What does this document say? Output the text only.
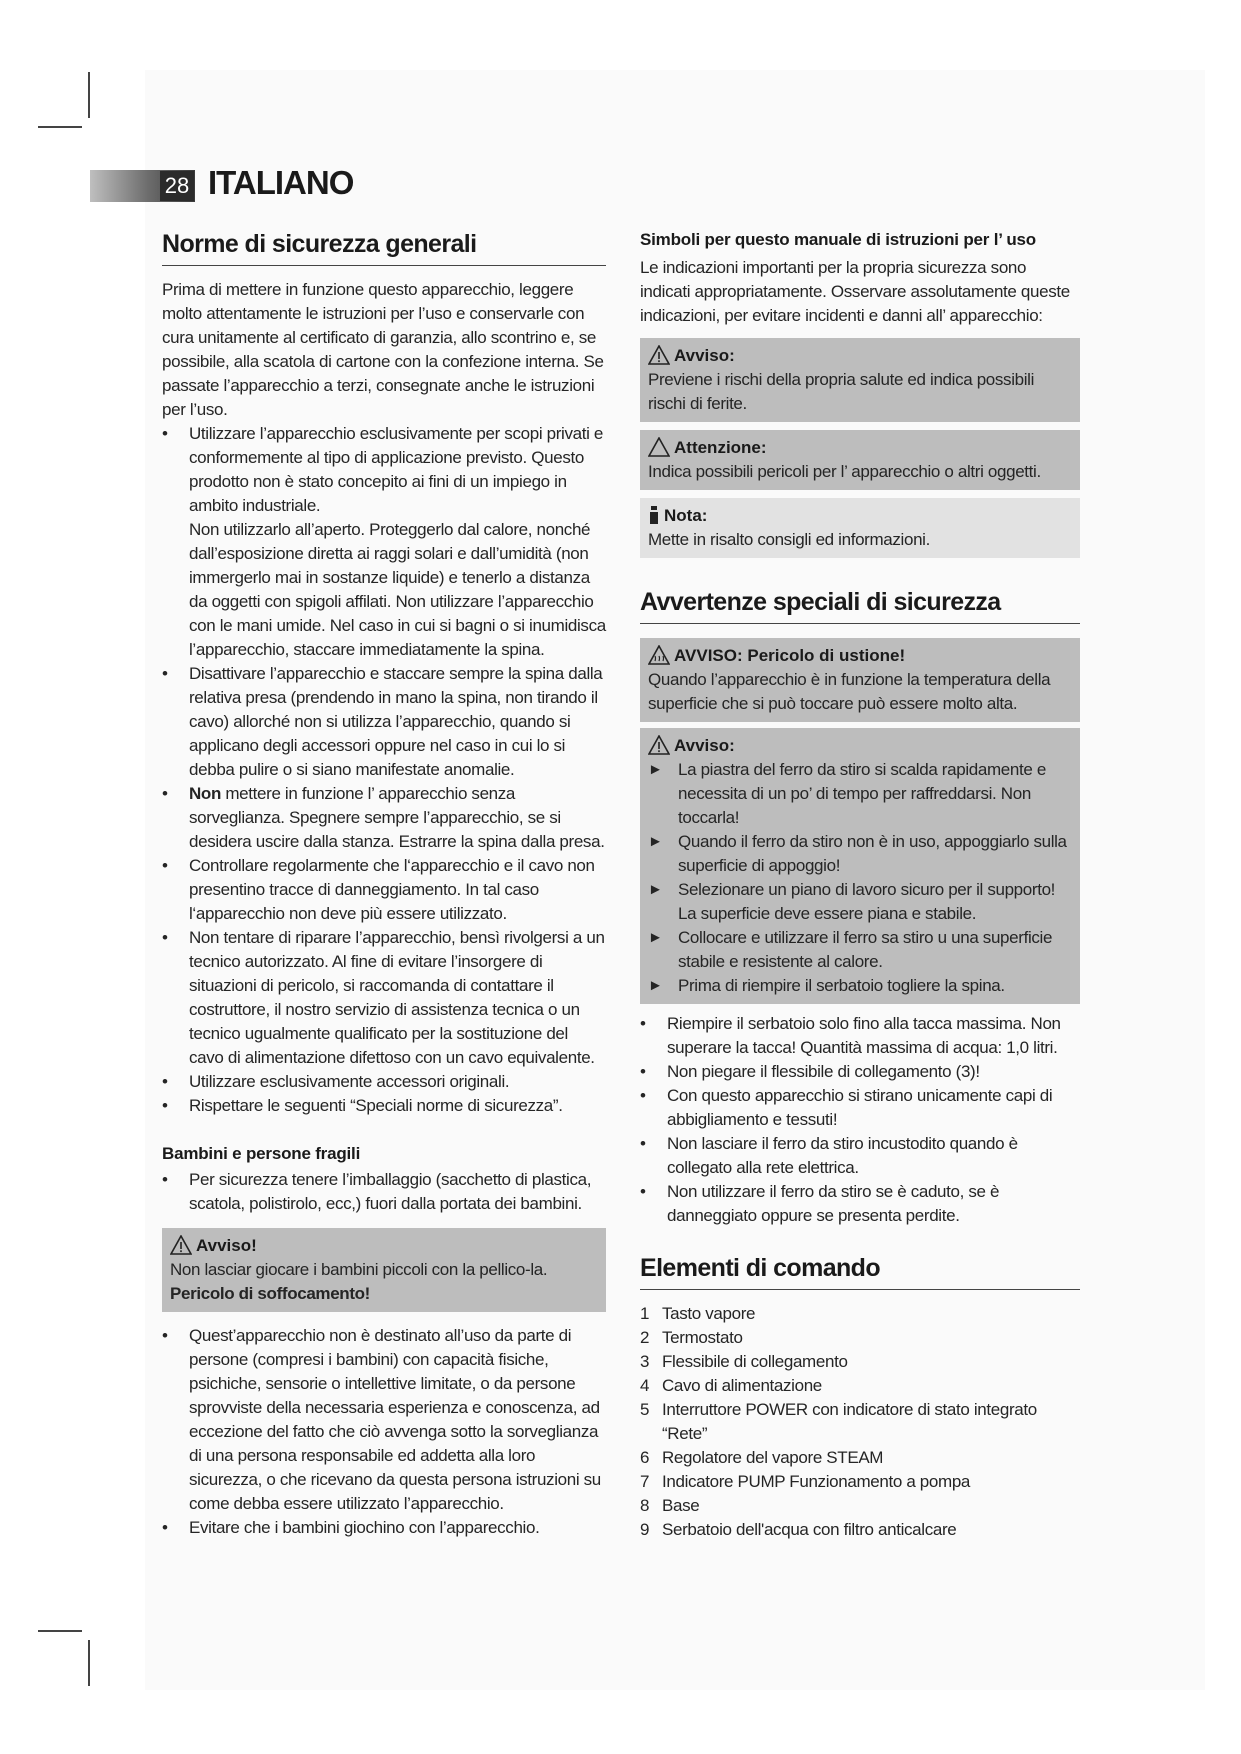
28 ITALIANO
Norme di sicurezza generali

Prima di mettere in funzione questo apparecchio, leggere molto attentamente le istruzioni per l’uso e conservarle con cura unitamente al certificato di garanzia, allo scontrino e, se possibile, alla scatola di cartone con la confezione interna. Se passate l’apparecchio a terzi, consegnate anche le istruzioni per l’uso.

• Utilizzare l’apparecchio esclusivamente per scopi privati e conformemente al tipo di applicazione previsto. Questo prodotto non è stato concepito ai fini di un impiego in ambito industriale.
Non utilizzarlo all’aperto. Proteggerlo dal calore, nonché dall’esposizione diretta ai raggi solari e dall’umidità (non immergerlo mai in sostanze liquide) e tenerlo a distanza da oggetti con spigoli affilati. Non utilizzare l’apparecchio con le mani umide. Nel caso in cui si bagni o si inumidisca l’apparecchio, staccare immediatamente la spina.
• Disattivare l’apparecchio e staccare sempre la spina dalla relativa presa (prendendo in mano la spina, non tirando il cavo) allorché non si utilizza l’apparecchio, quando si applicano degli accessori oppure nel caso in cui lo si debba pulire o si siano manifestate anomalie.
• Non mettere in funzione l’ apparecchio senza sorveglianza. Spegnere sempre l’apparecchio, se si desidera uscire dalla stanza. Estrarre la spina dalla presa.
• Controllare regolarmente che l‘apparecchio e il cavo non presentino tracce di danneggiamento. In tal caso l‘apparecchio non deve più essere utilizzato.
• Non tentare di riparare l’apparecchio, bensì rivolgersi a un tecnico autorizzato. Al fine di evitare l’insorgere di situazioni di pericolo, si raccomanda di contattare il costruttore, il nostro servizio di assistenza tecnica o un tecnico ugualmente qualificato per la sostituzione del cavo di alimentazione difettoso con un cavo equivalente.
• Utilizzare esclusivamente accessori originali.
• Rispettare le seguenti “Speciali norme di sicurezza”.
Bambini e persone fragili
• Per sicurezza tenere l’imballaggio (sacchetto di plastica, scatola, polistirolo, ecc,) fuori dalla portata dei bambini.
Avviso!

Non lasciar giocare i bambini piccoli con la pellico-la. Pericolo di soffocamento!

• Quest’apparecchio non è destinato all’uso da parte di persone (compresi i bambini) con capacità fisiche, psichiche, sensorie o intellettive limitate, o da persone sprovviste della necessaria esperienza e conoscenza, ad eccezione del fatto che ciò avvenga sotto la sorveglianza di una persona responsabile ed addetta alla loro sicurezza, o che ricevano da questa persona istruzioni su come debba essere utilizzato l’apparecchio.
• Evitare che i bambini giochino con l’apparecchio.
Simboli per questo manuale di istruzioni per l’ uso

Le indicazioni importanti per la propria sicurezza sono indicati appropriatamente. Osservare assolutamente queste indicazioni, per evitare incidenti e danni all’ apparecchio:

Avviso:

Previene i rischi della propria salute ed indica possibili rischi di ferite.

Attenzione:

Indica possibili pericoli per l’ apparecchio o altri oggetti.

Nota:

Mette in risalto consigli ed informazioni.

Avvertenze speciali di sicurezza
AVVISO: Pericolo di ustione!

Quando l’apparecchio è in funzione la temperatura della superficie che si può toccare può essere molto alta.

Avviso:
► La piastra del ferro da stiro si scalda rapidamente e necessita di un po’ di tempo per raffreddarsi. Non toccarla!
► Quando il ferro da stiro non è in uso, appoggiarlo sulla superficie di appoggio!
► Selezionare un piano di lavoro sicuro per il supporto! La superficie deve essere piana e stabile.
► Collocare e utilizzare il ferro sa stiro u una superficie stabile e resistente al calore.
► Prima di riempire il serbatoio togliere la spina.
• Riempire il serbatoio solo fino alla tacca massima. Non superare la tacca! Quantità massima di acqua: 1,0 litri.
• Non piegare il flessibile di collegamento (3)!
• Con questo apparecchio si stirano unicamente capi di abbigliamento e tessuti!
• Non lasciare il ferro da stiro incustodito quando è collegato alla rete elettrica.
• Non utilizzare il ferro da stiro se è caduto, se è danneggiato oppure se presenta perdite.
Elementi di comando
1 Tasto vapore
2 Termostato
3 Flessibile di collegamento
4 Cavo di alimentazione
5 Interruttore POWER con indicatore di stato integrato “Rete”
6 Regolatore del vapore STEAM
7 Indicatore PUMP Funzionamento a pompa
8 Base
9 Serbatoio dell'acqua con filtro anticalcare
